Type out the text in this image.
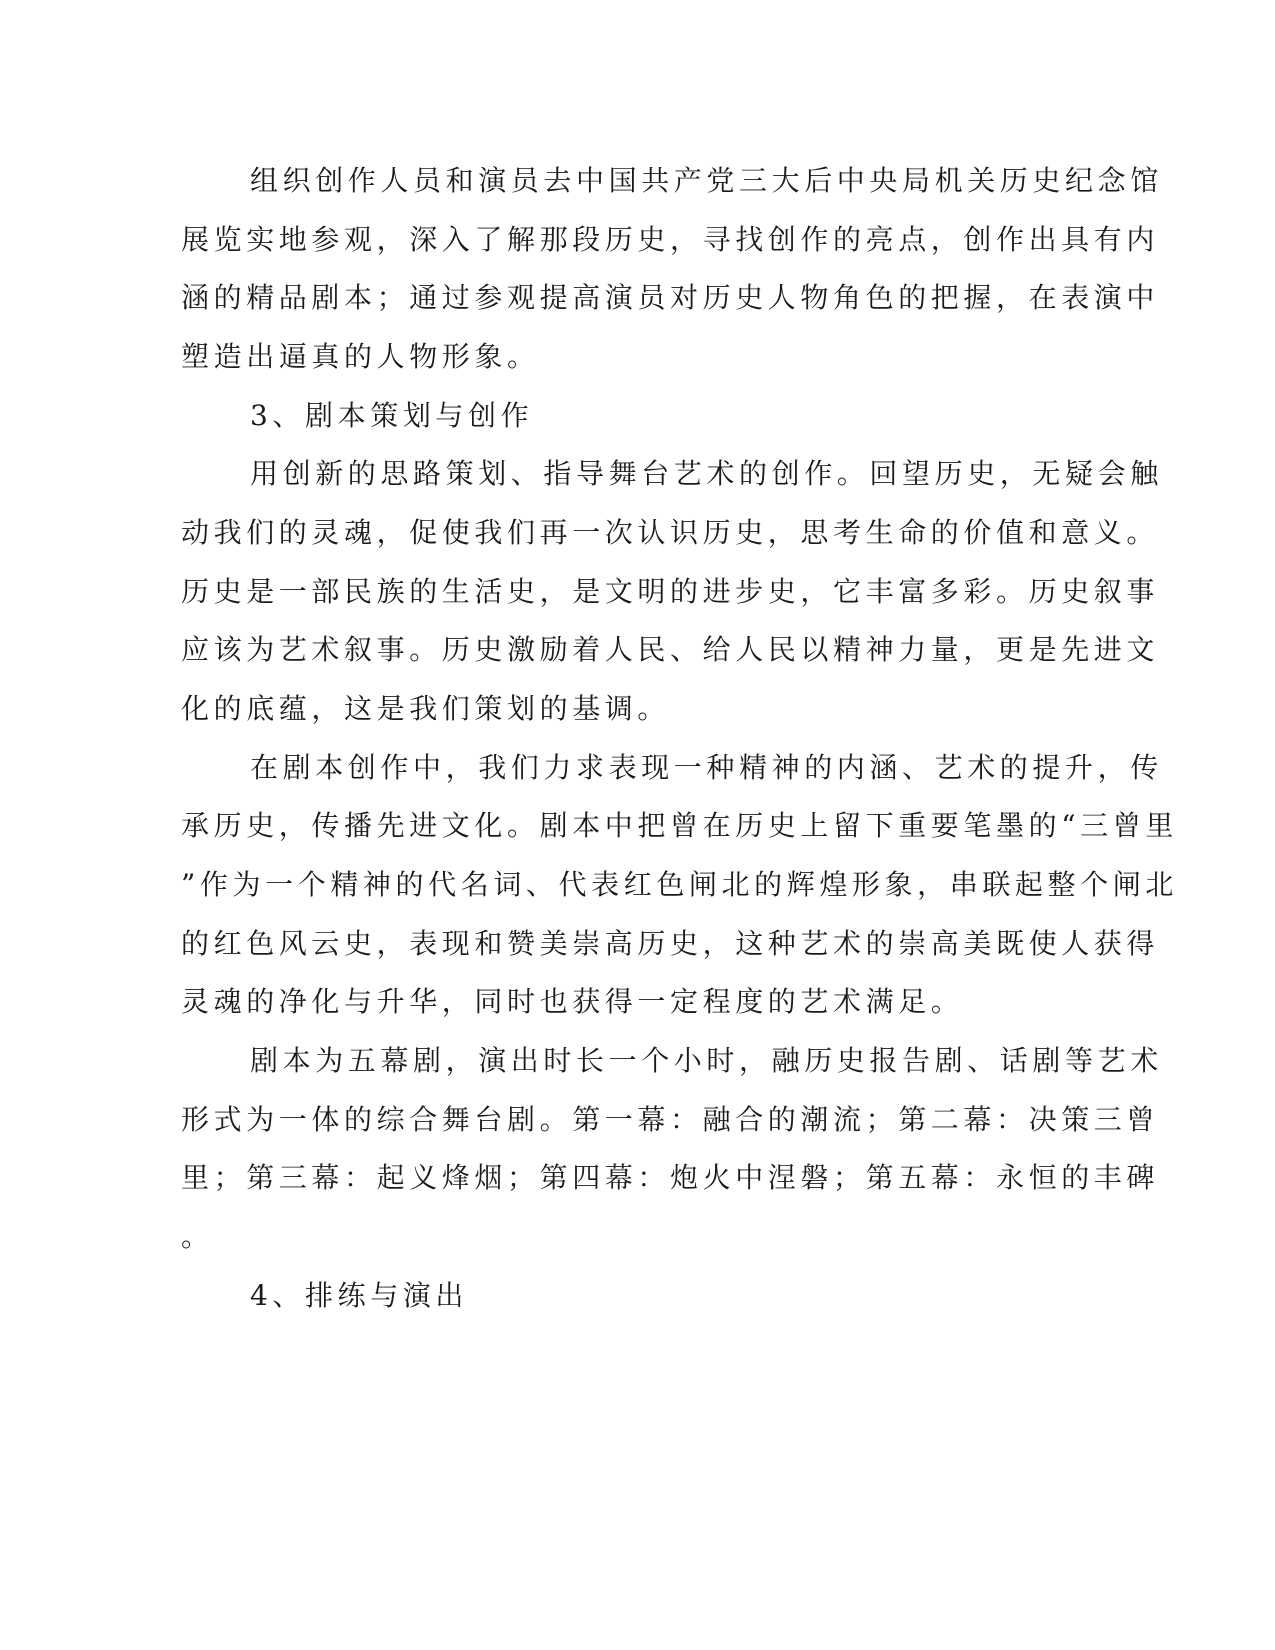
组织创作人员和演员去中国共产党三大后中央局机关历史纪念馆

展览实地参观，深入了解那段历史，寻找创作的亮点，创作出具有内

涵的精品剧本；通过参观提高演员对历史人物角色的把握，在表演中

塑造出逼真的人物形象。

3、剧本策划与创作

用创新的思路策划、指导舞台艺术的创作。回望历史，无疑会触

动我们的灵魂，促使我们再一次认识历史，思考生命的价值和意义。

历史是一部民族的生活史，是文明的进步史，它丰富多彩。历史叙事

应该为艺术叙事。历史激励着人民、给人民以精神力量，更是先进文

化的底蕴，这是我们策划的基调。

在剧本创作中，我们力求表现一种精神的内涵、艺术的提升，传

承历史，传播先进文化。剧本中把曾在历史上留下重要笔墨的“三曾里

”作为一个精神的代名词、代表红色闸北的辉煌形象，串联起整个闸北

的红色风云史，表现和赞美崇高历史，这种艺术的崇高美既使人获得

灵魂的净化与升华，同时也获得一定程度的艺术满足。

剧本为五幕剧，演出时长一个小时，融历史报告剧、话剧等艺术

形式为一体的综合舞台剧。第一幕：融合的潮流；第二幕：决策三曾

里；第三幕：起义烽烟；第四幕：炮火中涅磐；第五幕：永恒的丰碑

。

4、排练与演出
